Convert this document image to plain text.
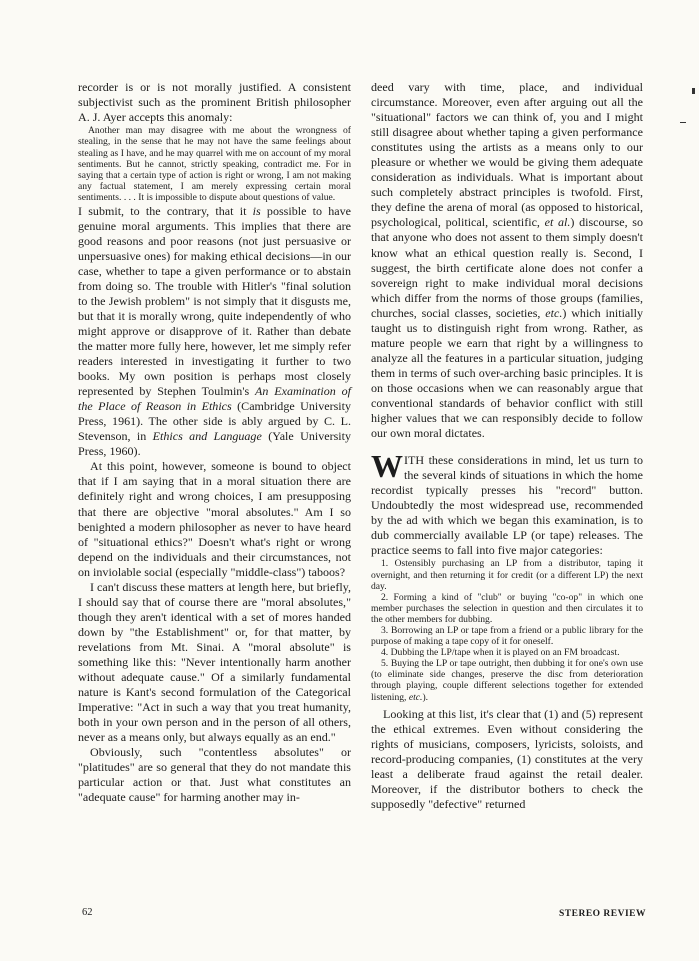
recorder is or is not morally justified. A consistent subjectivist such as the prominent British philosopher A. J. Ayer accepts this anomaly:

Another man may disagree with me about the wrongness of stealing, in the sense that he may not have the same feelings about stealing as I have, and he may quarrel with me on account of my moral sentiments. But he cannot, strictly speaking, contradict me. For in saying that a certain type of action is right or wrong, I am not making any factual statement, I am merely expressing certain moral sentiments. . . . It is impossible to dispute about questions of value.

I submit, to the contrary, that it is possible to have genuine moral arguments. This implies that there are good reasons and poor reasons (not just persuasive or unpersuasive ones) for making ethical decisions—in our case, whether to tape a given performance or to abstain from doing so. The trouble with Hitler's "final solution to the Jewish problem" is not simply that it disgusts me, but that it is morally wrong, quite independently of who might approve or disapprove of it. Rather than debate the matter more fully here, however, let me simply refer readers interested in investigating it further to two books. My own position is perhaps most closely represented by Stephen Toulmin's An Examination of the Place of Reason in Ethics (Cambridge University Press, 1961). The other side is ably argued by C. L. Stevenson, in Ethics and Language (Yale University Press, 1960).

At this point, however, someone is bound to object that if I am saying that in a moral situation there are definitely right and wrong choices, I am presupposing that there are objective "moral absolutes." Am I so benighted a modern philosopher as never to have heard of "situational ethics?" Doesn't what's right or wrong depend on the individuals and their circumstances, not on inviolable social (especially "middle-class") taboos?

I can't discuss these matters at length here, but briefly, I should say that of course there are "moral absolutes," though they aren't identical with a set of mores handed down by "the Establishment" or, for that matter, by revelations from Mt. Sinai. A "moral absolute" is something like this: "Never intentionally harm another without adequate cause." Of a similarly fundamental nature is Kant's second formulation of the Categorical Imperative: "Act in such a way that you treat humanity, both in your own person and in the person of all others, never as a means only, but always equally as an end."

Obviously, such "contentless absolutes" or "platitudes" are so general that they do not mandate this particular action or that. Just what constitutes an "adequate cause" for harming another may in-

deed vary with time, place, and individual circumstance. Moreover, even after arguing out all the "situational" factors we can think of, you and I might still disagree about whether taping a given performance constitutes using the artists as a means only to our pleasure or whether we would be giving them adequate consideration as individuals. What is important about such completely abstract principles is twofold. First, they define the arena of moral (as opposed to historical, psychological, political, scientific, et al.) discourse, so that anyone who does not assent to them simply doesn't know what an ethical question really is. Second, I suggest, the birth certificate alone does not confer a sovereign right to make individual moral decisions which differ from the norms of those groups (families, churches, social classes, societies, etc.) which initially taught us to distinguish right from wrong. Rather, as mature people we earn that right by a willingness to analyze all the features in a particular situation, judging them in terms of such over-arching basic principles. It is on those occasions when we can reasonably argue that conventional standards of behavior conflict with still higher values that we can responsibly decide to follow our own moral dictates.

WITH these considerations in mind, let us turn to the several kinds of situations in which the home recordist typically presses his "record" button. Undoubtedly the most widespread use, recommended by the ad with which we began this examination, is to dub commercially available LP (or tape) releases. The practice seems to fall into five major categories:

1. Ostensibly purchasing an LP from a distributor, taping it overnight, and then returning it for credit (or a different LP) the next day.

2. Forming a kind of "club" or buying "co-op" in which one member purchases the selection in question and then circulates it to the other members for dubbing.

3. Borrowing an LP or tape from a friend or a public library for the purpose of making a tape copy of it for oneself.

4. Dubbing the LP/tape when it is played on an FM broadcast.

5. Buying the LP or tape outright, then dubbing it for one's own use (to eliminate side changes, preserve the disc from deterioration through playing, couple different selections together for extended listening, etc.).

Looking at this list, it's clear that (1) and (5) represent the ethical extremes. Even without considering the rights of musicians, composers, lyricists, soloists, and record-producing companies, (1) constitutes at the very least a deliberate fraud against the retail dealer. Moreover, if the distributor bothers to check the supposedly "defective" returned

62	STEREO REVIEW
